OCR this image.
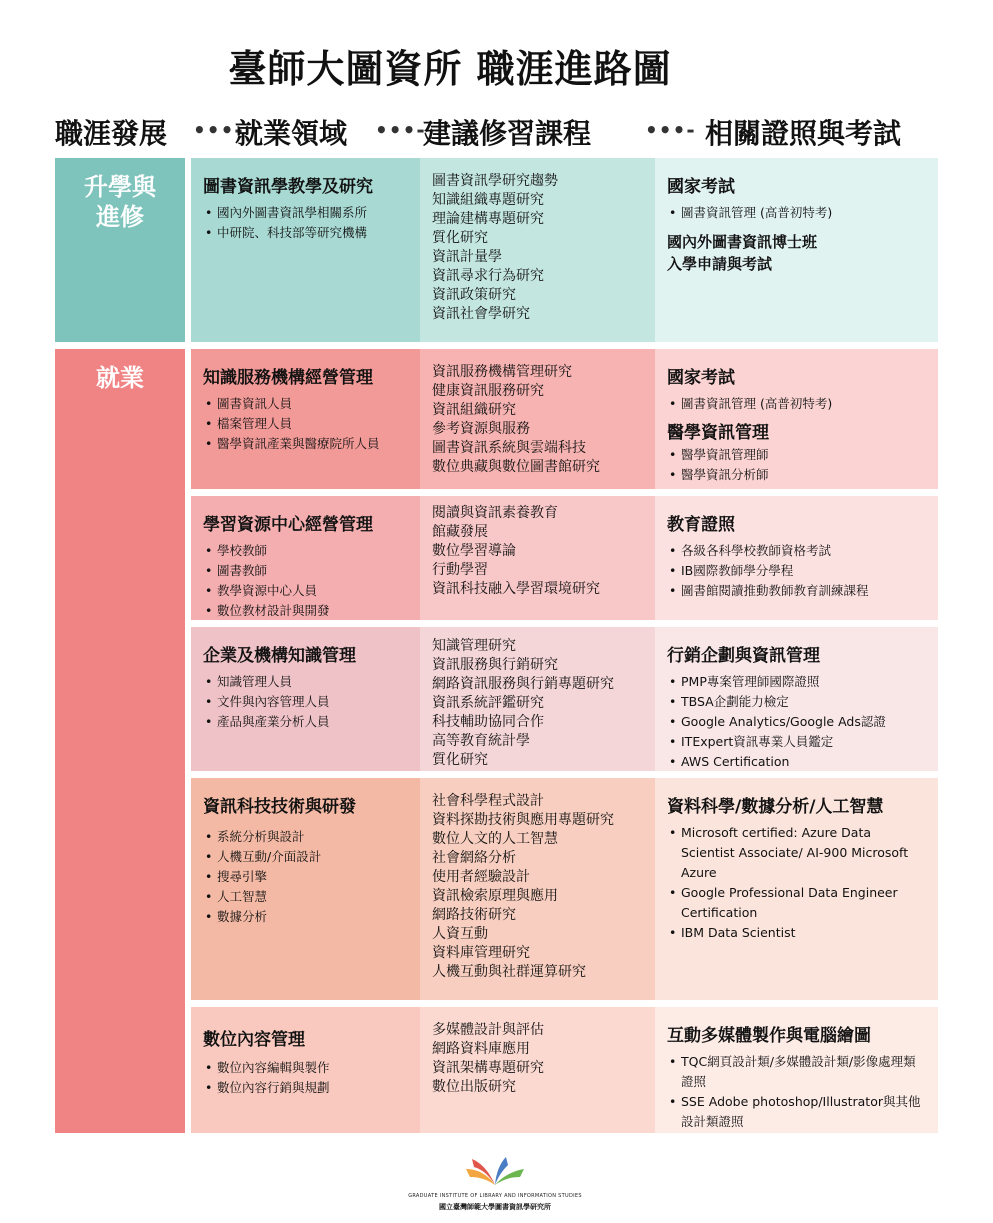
臺師大圖資所 職涯進路圖
職涯發展 •••-
就業領域 •••-
建議修習課程	•••- 相關證照與考試
升學與
進修
就業
圖書資訊學教學及研究
• 國內外圖書資訊學相關系所
• 中研院、科技部等研究機構
圖書資訊學研究趨勢
知識組織專題研究
理論建構專題研究
質化研究
資訊計量學
資訊尋求行為研究
資訊政策研究
資訊社會學研究
國家考試
• 圖書資訊管理 (高普初特考)
國內外圖書資訊博士班
入學申請與考試
知識服務機構經營管理
• 圖書資訊人員
• 檔案管理人員
• 醫學資訊產業與醫療院所人員
資訊服務機構管理研究
健康資訊服務研究
資訊組織研究
參考資源與服務
圖書資訊系統與雲端科技
數位典藏與數位圖書館研究
國家考試
• 圖書資訊管理 (高普初特考)
醫學資訊管理
• 醫學資訊管理師
• 醫學資訊分析師
學習資源中心經營管理
• 學校教師
• 圖書教師
• 教學資源中心人員
• 數位教材設計與開發
閱讀與資訊素養教育
館藏發展
數位學習導論
行動學習
資訊科技融入學習環境研究
教育證照
• 各級各科學校教師資格考試
• IB國際教師學分學程
• 圖書館閱讀推動教師教育訓練課程
企業及機構知識管理
• 知識管理人員
• 文件與內容管理人員
• 產品與產業分析人員
知識管理研究
資訊服務與行銷研究
網路資訊服務與行銷專題研究
資訊系統評鑑研究
科技輔助協同合作
高等教育統計學
質化研究
行銷企劃與資訊管理
• PMP專案管理師國際證照
• TBSA企劃能力檢定
• Google Analytics/Google Ads認證
• ITExpert資訊專業人員鑑定
• AWS Certification
資訊科技技術與研發
• 系統分析與設計
• 人機互動/介面設計
• 搜尋引擎
• 人工智慧
• 數據分析
社會科學程式設計
資料探勘技術與應用專題研究
數位人文的人工智慧
社會網絡分析
使用者經驗設計
資訊檢索原理與應用
網路技術研究
人資互動
資料庫管理研究
人機互動與社群運算研究
資料科學/數據分析/人工智慧
• Microsoft certified: Azure Data Scientist Associate/ AI-900 Microsoft Azure
• Google Professional Data Engineer Certification
• IBM Data Scientist
數位內容管理
• 數位內容編輯與製作
• 數位內容行銷與規劃
多媒體設計與評估
網路資料庫應用
資訊架構專題研究
數位出版研究
互動多媒體製作與電腦繪圖
• TQC網頁設計類/多媒體設計類/影像處理類證照
• SSE Adobe photoshop/Illustrator與其他設計類證照
GRADUATE INSTITUTE OF LIBRARY AND INFORMATION STUDIES
國立臺灣師範大學圖書資訊學研究所
